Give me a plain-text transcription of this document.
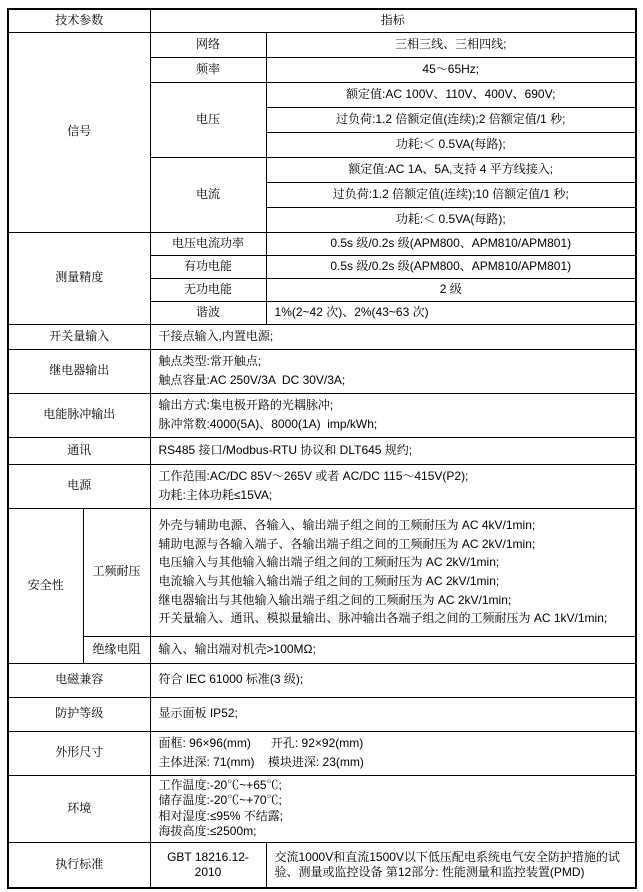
技术参数		指标	
信号		网络	三相三线、三相四线;
		频率	45～65Hz;
		电压	额定值:AC 100V、110V、400V、690V;
			过负荷:1.2 倍额定值(连续);2 倍额定值/1 秒;
			功耗:＜ 0.5VA(每路);
		电流	额定值:AC 1A、5A,支持 4 平方线接入;
			过负荷:1.2 倍额定值(连续);10 倍额定值/1 秒;
			功耗:＜ 0.5VA(每路);
测量精度		电压电流功率	0.5s 级/0.2s 级(APM800、APM810/APM801)
		有功电能	0.5s 级/0.2s 级(APM800、APM810/APM801)
		无功电能	2 级
		谐波	1%(2~42 次)、2%(43~63 次)
开关量输入		干接点输入,内置电源;	
继电器输出		触点类型:常开触点;
触点容量:AC 250V/3A  DC 30V/3A;	

电能脉冲输出		输出方式:集电极开路的光耦脉冲;
脉冲常数:4000(5A)、8000(1A)  imp/kWh;	

通讯		RS485 接口/Modbus-RTU 协议和 DLT645 规约;	
电源		工作范围:AC/DC 85V～265V 或者 AC/DC 115～415V(P2);
功耗:主体功耗≤15VA;	

安全性	工频耐压	
外壳与辅助电源、各输入、输出端子组之间的工频耐压为 AC 4kV/1min;
辅助电源与各输入端子、各输出端子组之间的工频耐压为 AC 2kV/1min;
电压输入与其他输入输出端子组之间的工频耐压为 AC 2kV/1min;
电流输入与其他输入输出端子组之间的工频耐压为 AC 2kV/1min;
继电器输出与其他输入输出端子组之间的工频耐压为 AC 2kV/1min;
开关量输入、通讯、模拟量输出、脉冲输出各端子组之间的工频耐压为 AC 1kV/1min;

	绝缘电阻	输入、输出端对机壳>100MΩ;	
电磁兼容		符合 IEC 61000 标准(3 级);	
防护等级		显示面板 IP52;	
外形尺寸		面框: 96×96(mm)      开孔: 92×92(mm)
主体进深: 71(mm)    模块进深: 23(mm)	

环境		工作温度:-20℃~+65℃;
储存温度:-20℃~+70℃;
相对湿度:≤95% 不结露;
海拔高度:≤2500m;	

执行标准		GBT 18216.12-2010	交流1000V和直流1500V以下低压配电系统电气安全防护措施的试验、测量或监控设备 第12部分: 性能测量和监控装置(PMD)
